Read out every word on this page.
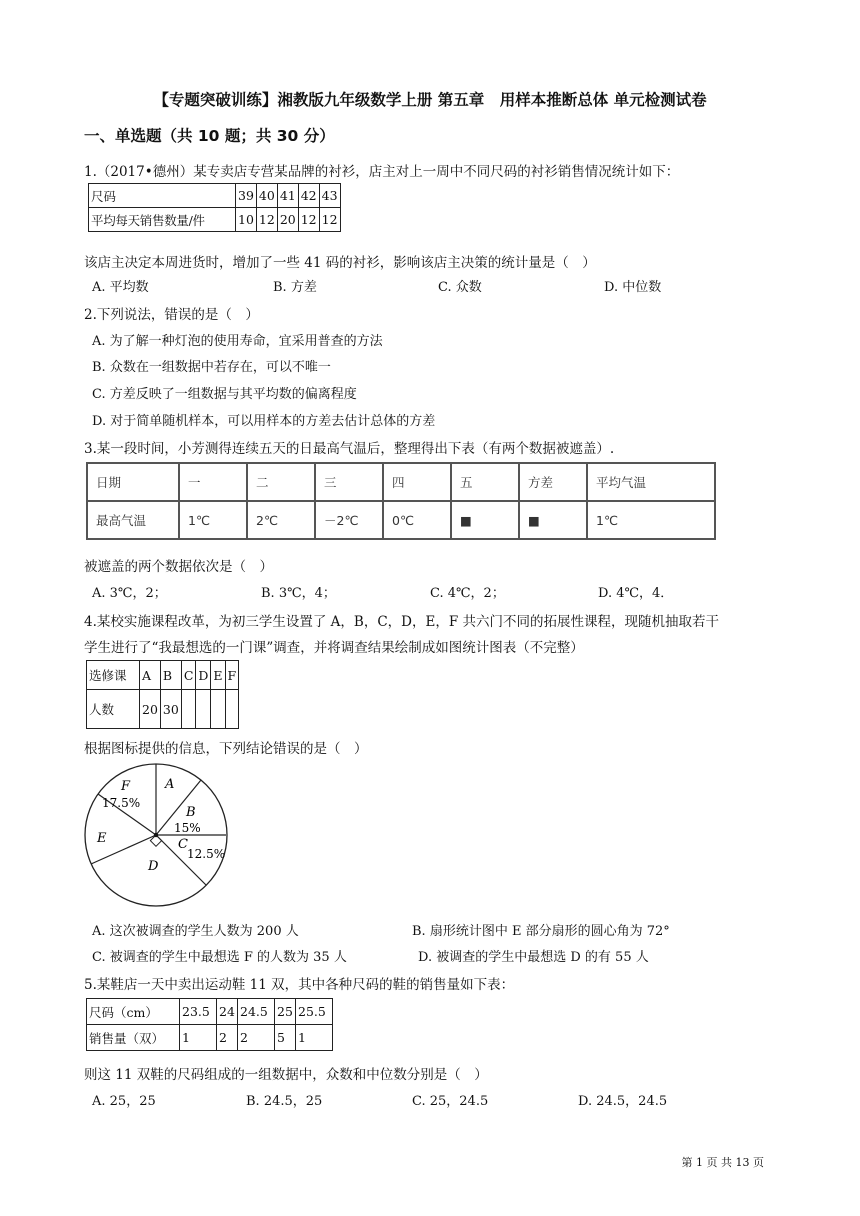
【专题突破训练】湘教版九年级数学上册 第五章　用样本推断总体 单元检测试卷
一、单选题（共 10 题；共 30 分）
1.（2017•德州）某专卖店专营某品牌的衬衫，店主对上一周中不同尺码的衬衫销售情况统计如下：
尺码	39	40	41	42	43
平均每天销售数量/件	10	12	20	12	12
该店主决定本周进货时，增加了一些 41 码的衬衫，影响该店主决策的统计量是（　）
A. 平均数	B. 方差	C. 众数	D. 中位数
2.下列说法，错误的是（　）
A. 为了解一种灯泡的使用寿命，宜采用普查的方法
B. 众数在一组数据中若存在，可以不唯一
C. 方差反映了一组数据与其平均数的偏离程度
D. 对于简单随机样本，可以用样本的方差去估计总体的方差
3.某一段时间，小芳测得连续五天的日最高气温后，整理得出下表（有两个数据被遮盖）.
日期	一	二	三	四	五	方差	平均气温
最高气温	1℃	2℃	－2℃	0℃	■	■	1℃
被遮盖的两个数据依次是（　）
A. 3℃，2；	B. 3℃，4；	C. 4℃，2；	D. 4℃，4．
4.某校实施课程改革，为初三学生设置了 A，B，C，D，E，F 共六门不同的拓展性课程，现随机抽取若干
学生进行了“我最想选的一门课”调查，并将调查结果绘制成如图统计图表（不完整）
选修课	A	B	C	D	E	F
人数	20	30				
根据图标提供的信息，下列结论错误的是（　）
A
B
15%
C
12.5%
D
E
F
17.5%
A. 这次被调查的学生人数为 200 人	B. 扇形统计图中 E 部分扇形的圆心角为 72°
C. 被调查的学生中最想选 F 的人数为 35 人	D. 被调查的学生中最想选 D 的有 55 人
5.某鞋店一天中卖出运动鞋 11 双，其中各种尺码的鞋的销售量如下表：
尺码（cm）	23.5	24	24.5	25	25.5
销售量（双）	1	2	2	5	1
则这 11 双鞋的尺码组成的一组数据中，众数和中位数分别是（　）
A. 25，25	B. 24.5，25	C. 25，24.5	D. 24.5，24.5
第 1 页 共 13 页
